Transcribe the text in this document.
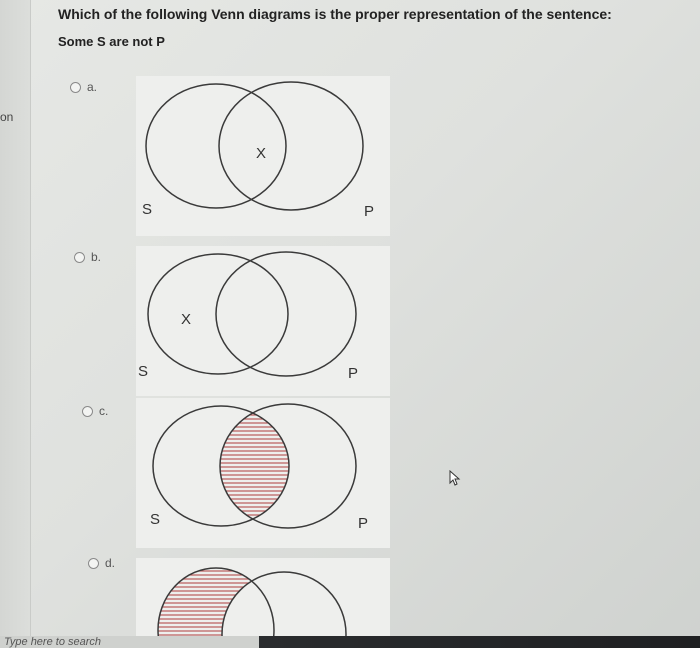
on
Which of the following Venn diagrams is the proper representation of the sentence:
Some S are not P
a.
X
S	P
b.
X
S	P
c.
S	P
d.
Type here to search
